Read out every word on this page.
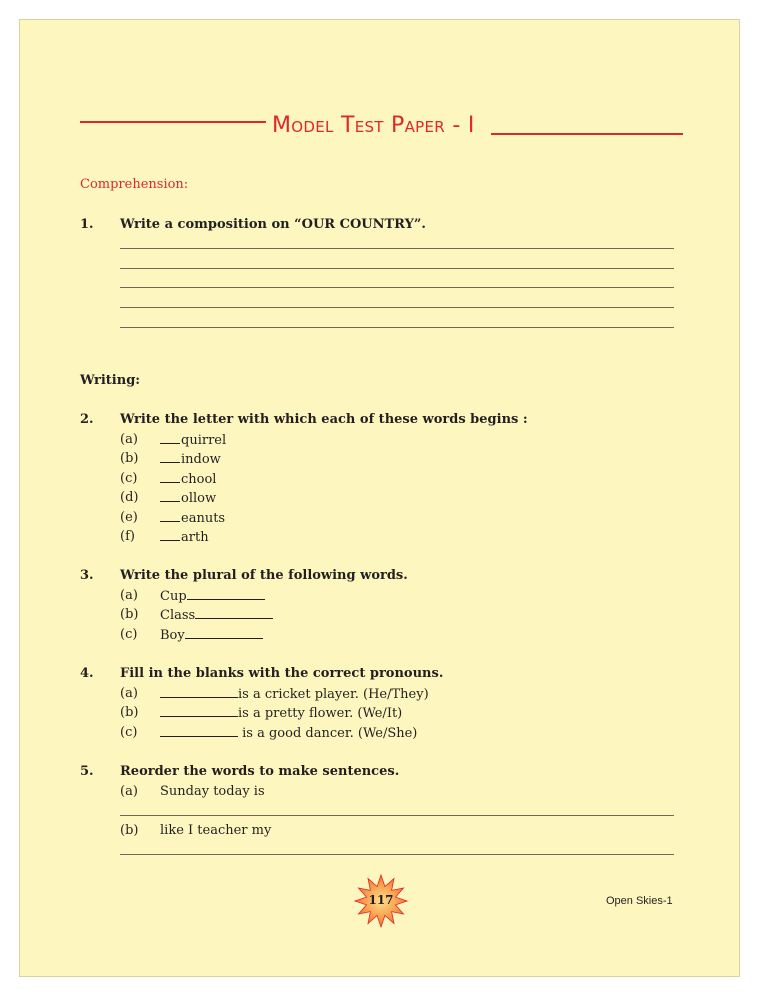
Model Test Paper - I
Comprehension:
1. Write a composition on “OUR COUNTRY”.
Writing:
2. Write the letter with which each of these words begins :
(a)	quirrel
(b)	indow
(c)	chool
(d)	ollow
(e)	eanuts
(f)	arth
3. Write the plural of the following words.
(a) Cup
(b) Class
(c) Boy
4. Fill in the blanks with the correct pronouns.
(a)	is a cricket player. (He/They)
(b)	is a pretty flower. (We/It)
(c)	is a good dancer. (We/She)
5. Reorder the words to make sentences.
(a) Sunday today is
(b) like I teacher my
117	Open Skies-1
